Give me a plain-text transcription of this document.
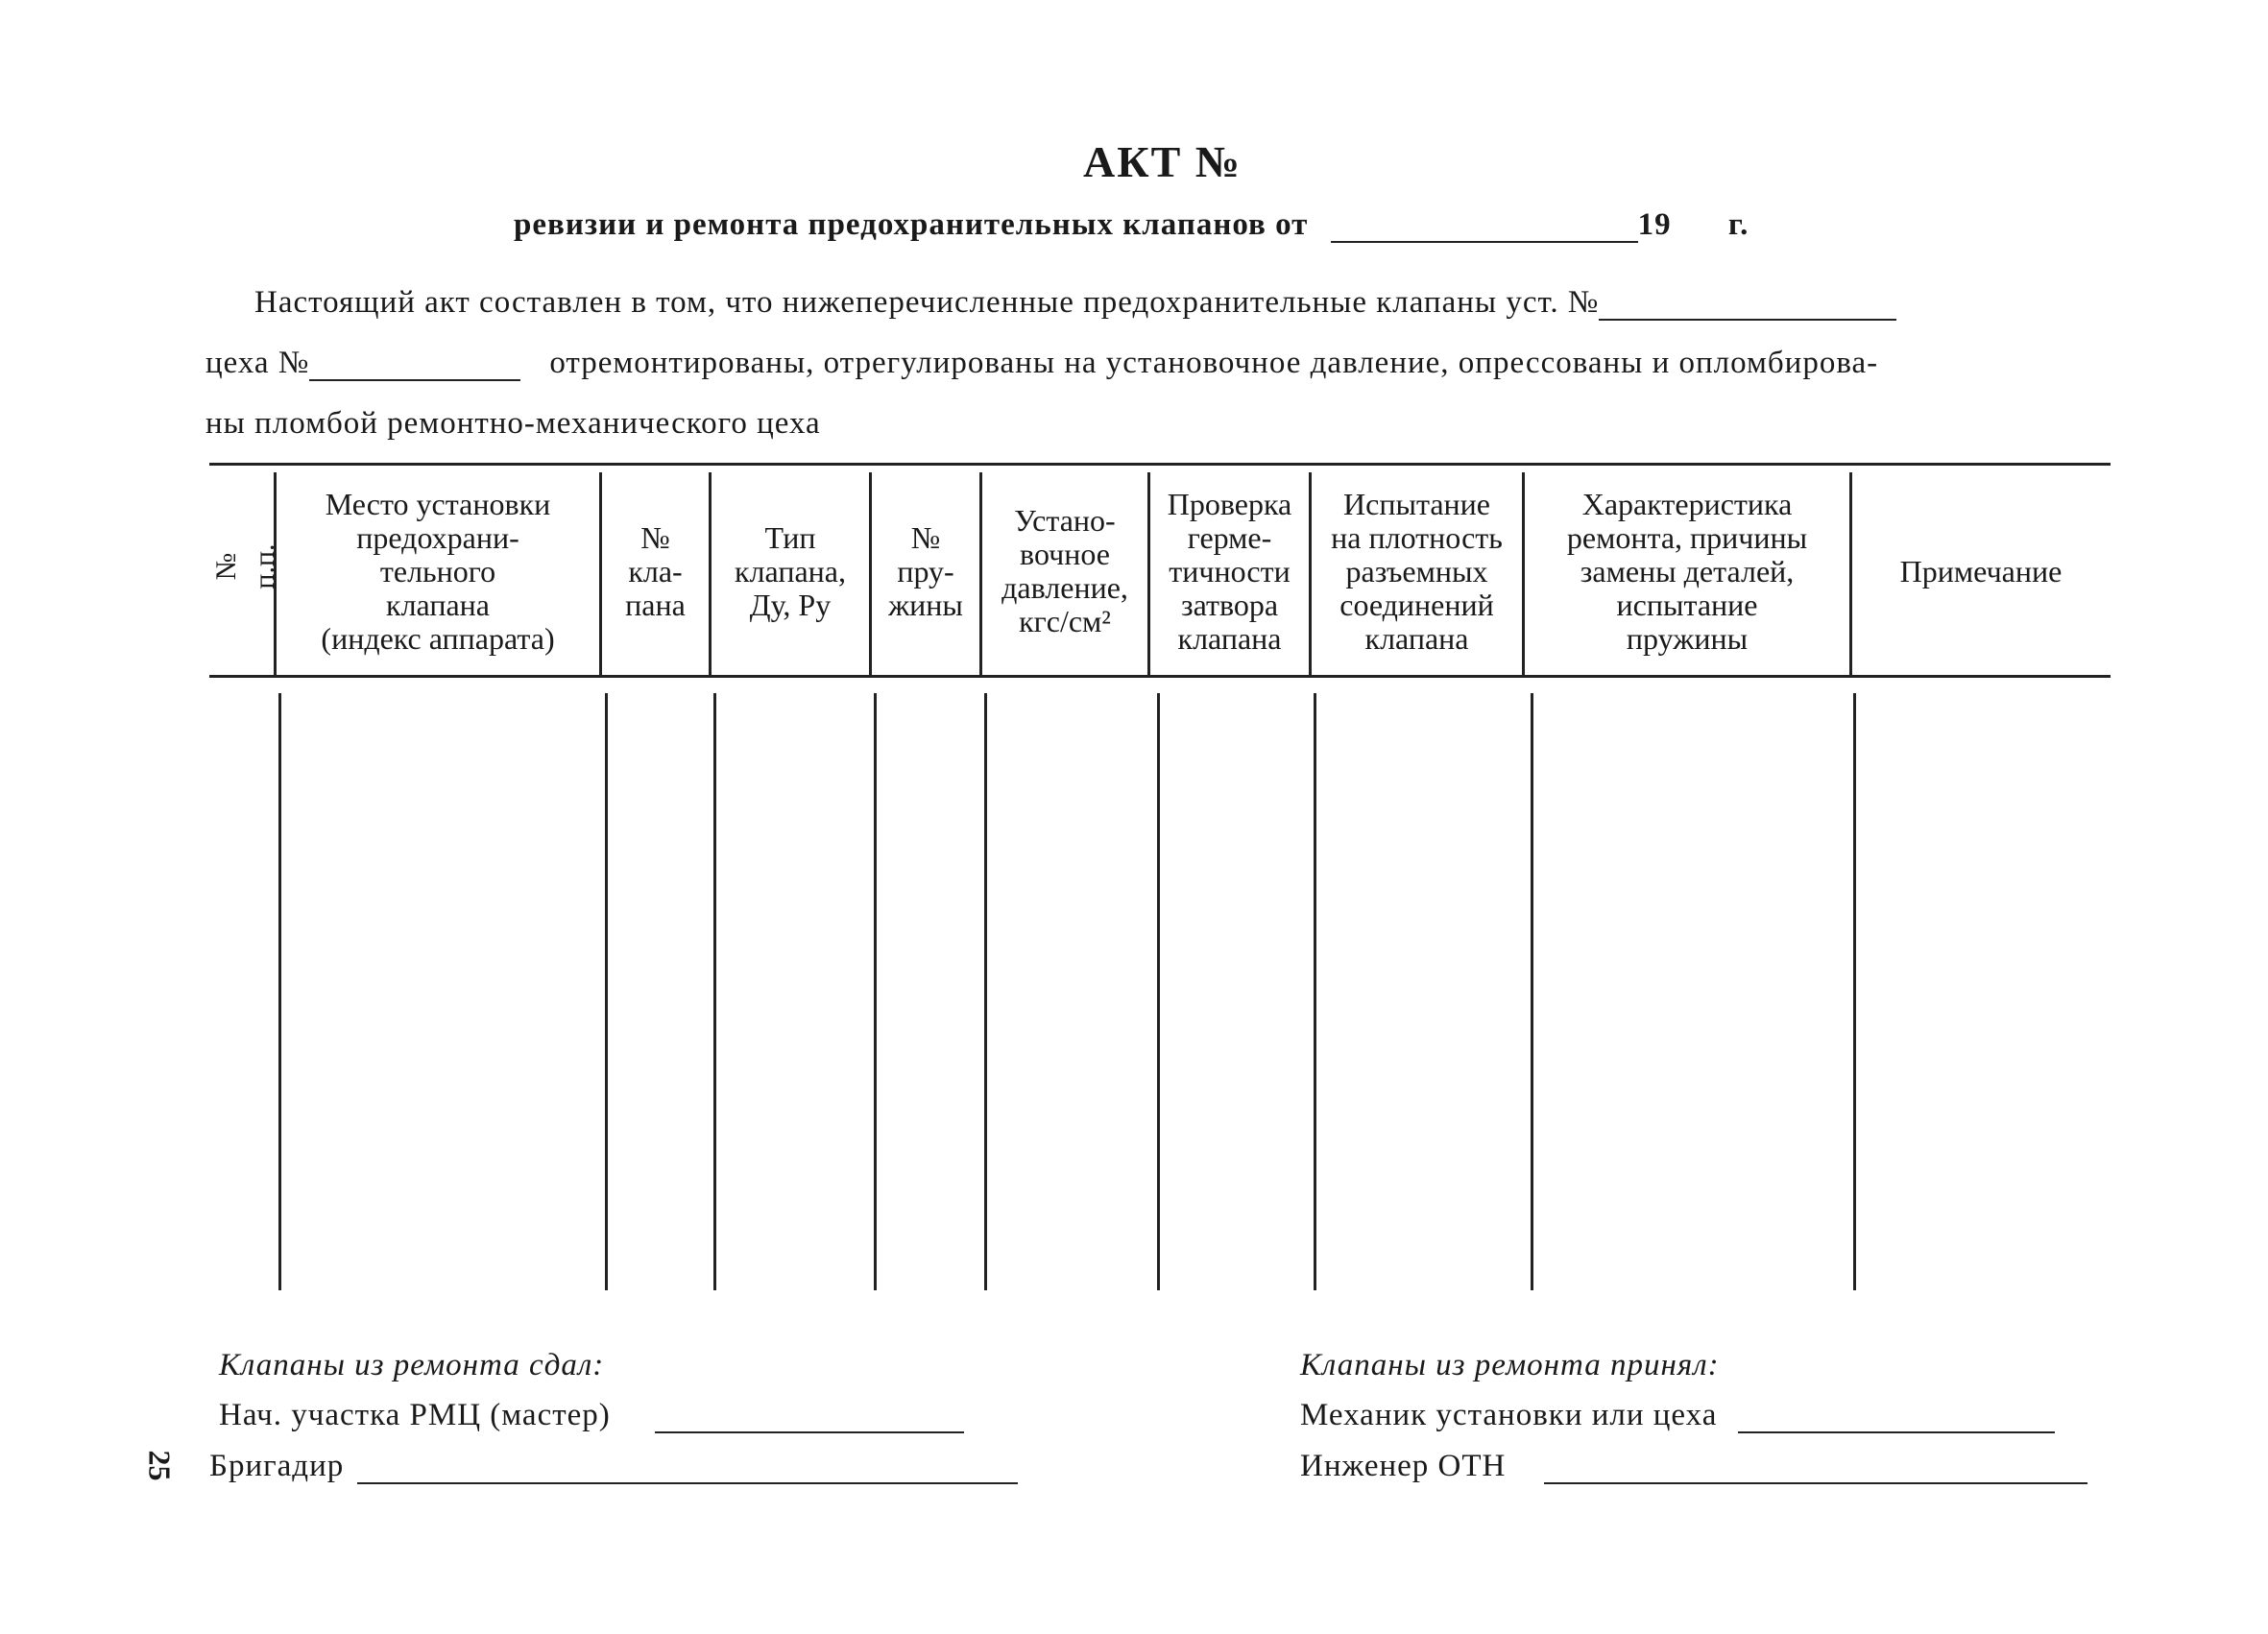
АКТ №
ревизии и ремонта предохранительных клапанов от	19 г.
Настоящий акт составлен в том, что нижеперечисленные предохранительные клапаны уст. №
цеха №	отремонтированы, отрегулированы на установочное давление, опрессованы и опломбирова-
ны пломбой ремонтно-механического цеха
№ п.п.
Место установки
предохрани-
тельного
клапана
(индекс аппарата)
№
кла-
пана
Тип
клапана,
Ду, Ру
№
пру-
жины
Устано-
вочное
давление,
кгс/см²
Проверка
герме-
тичности
затвора
клапана
Испытание
на плотность
разъемных
соединений
клапана
Характеристика
ремонта, причины
замены деталей,
испытание
пружины
Примечание
Клапаны из ремонта сдал:
Нач. участка РМЦ (мастер)
Бригадир
Клапаны из ремонта принял:
Механик установки или цеха
Инженер ОТН
25
